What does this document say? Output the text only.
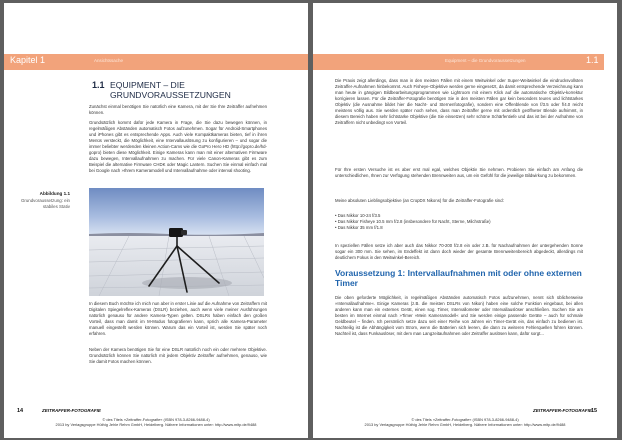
Kapitel 1	Ansichtssache
1.1 EQUIPMENT – DIE GRUNDVORAUSSETZUNGEN
Zunächst einmal benötigen Sie natürlich eine Kamera, mit der Sie Ihre Zeitraffer aufnehmen können.
Grundsätzlich kommt dafür jede Kamera in Frage, die Sie dazu bewegen können, in regelmäßigen Abständen automatisch Fotos aufzunehmen. Sogar für Android-Smartphones und iPhones gibt es entsprechende Apps. Auch viele Kompaktkameras bieten, tief in ihren Menüs versteckt, die Möglichkeit, eine Intervallauslösung zu konfigurieren – und sogar die immer beliebter werdenden kleinen Action-Cams wie die GoPro Hero HD (http://gopro.de/hd-gopro) bieten diese Möglichkeit. Einige Kameras kann man mit einer alternativen Firmware dazu bewegen, Intervallaufnahmen zu machen. Für viele Canon-Kameras gibt es zum Beispiel die alternative Firmware CHDK oder Magic Lantern. Suchen Sie einmal einfach mal bei Google nach »Ihrem Kameramodell und Intervallaufnahme oder interval shooting.
Abbildung 1.1
Grundvoraussetzung: ein stabiles Stativ
In diesem Buch möchte ich mich nun aber in erster Linie auf die Aufnahme von Zeitraffern mit Digitalen Spiegelreflex-Kameras (DSLR) beziehen, auch wenn viele meiner Ausführungen natürlich genauso für andere Kamera-Typen gelten. DSLRs haben einfach den großen Vorteil, dass man damit im M-Modus fotografieren kann, sprich alle Kamera-Parameter manuell eingestellt werden können. Warum das ein Vorteil ist, werden Sie später noch erfahren.
Neben der Kamera benötigen Sie für eine DSLR natürlich noch ein oder mehrere Objektive. Grundsätzlich können Sie natürlich mit jedem Objektiv Zeitraffer aufnehmen, genauso, wie Sie damit Fotos machen können.
14	ZEITRAFFER-FOTOGRAFIE
© des Titels »Zeitraffer-Fotografie« (ISBN 978-3-8266-9488-4)
2013 by Verlagsgruppe Hüthig Jehle Rehm GmbH, Heidelberg. Nähere Informationen unter: http://www.mitp.de/9488
Equipment – die Grundvoraussetzungen	1.1
Die Praxis zeigt allerdings, dass man in den meisten Fällen mit einem Weitwinkel oder Super-Weitwinkel die eindrucksvollsten Zeitraffer-Aufnahmen hinbekommt. Auch Fisheye-Objektive werden gerne eingesetzt, da damit entsprechende Verzeichnung kann man heute in gängigen Bildbearbeitungsprogrammen wie Lightroom mit einem Klick auf die automatische Objektiv-korrektur korrigieren lassen. Für die Zeitraffer-Fotografie benötigen Sie in den meisten Fällen gar kein besonders teures und lichtstarkes Objektiv (die Ausnahme bildet hier die Nacht- und Sternenfotografie), sondern eine Offenblende von f/3.5 oder f/4.0 reicht meistens völlig aus. Sie werden später noch sehen, dass man Zeitraffer gerne mit ordentlich geöffneter Blende aufnimmt, in diesem Bereich haben sehr lichtstarke Objektive (die Sie einsetzen) sehr schöne Schärfentiefe und das ist bei der Aufnahme von Zeitraffern nicht unbedingt von Vorteil.
Für Ihre ersten Versuche ist es aber erst mal egal, welches Objektiv Sie nehmen. Probieren Sie einfach am Anfang die unterschiedlichen, Ihnen zur Verfügung stehenden Brennweiten aus, um ein Gefühl für die jeweilige Bildwirkung zu bekommen.
Meine absoluten Lieblingsobjektive (an CropDX Nikons) für die Zeitraffer-Fotografie sind:
• Das Nikkor 10-24 f/3.5
• Das Nikkor Fisheye 10.5 mm f/2.8 (insbesondere für Nacht, Sterne, Milchstraße)
• Das Nikkor 35 mm f/1.8
In speziellen Fällen setze ich aber auch das Nikkor 70-200 f/2.8 ein oder z.B. für Nachaufnahmen der untergehenden Sonne sogar ein 300 mm. Sie sehen, im Endeffekt ist dann doch wieder der gesamte Brennweitenbereich abgedeckt, allerdings mit deutlichem Fokus in den Weitwinkel-Bereich.
Voraussetzung 1: Intervallaufnahmen mit oder ohne externen Timer
Die oben geforderte Möglichkeit, in regelmäßigen Abständen automatisch Fotos aufzunehmen, nennt sich üblicherweise »Intervallaufnahme«. Einige Kameras (z.B. die meisten DSLRs von Nikon) haben eine solche Funktion eingebaut, bei allen anderen kann man ein externes Gerät, einen sog. Timer, Intervallometer oder Intervallauslöser anschließen. Suchen Sie am besten im Internet einmal nach »Timer »Mein Kameramodell« und Sie werden einige passende Geräte – auch für schmale Geldbeutel – finden. Ich persönlich setze dazu seit einer Reihe von Jahren ein Timer-Gerät ein, das einfach zu bedienen ist. Nachteilig ist die Abhängigkeit vom Strom, wenn die Batterien sich leeren, die dann zu weiteren Fehlerquellen führen können. Nachteil ist, dass Funkauslöser, mit dem man Langzeitaufnahmen oder Zeitraffer auslösen kann, dafür sorgt...
ZEITRAFFER-FOTOGRAFIE 15
© des Titels »Zeitraffer-Fotografie« (ISBN 978-3-8266-9488-4)
2013 by Verlagsgruppe Hüthig Jehle Rehm GmbH, Heidelberg. Nähere Informationen unter: http://www.mitp.de/9488
